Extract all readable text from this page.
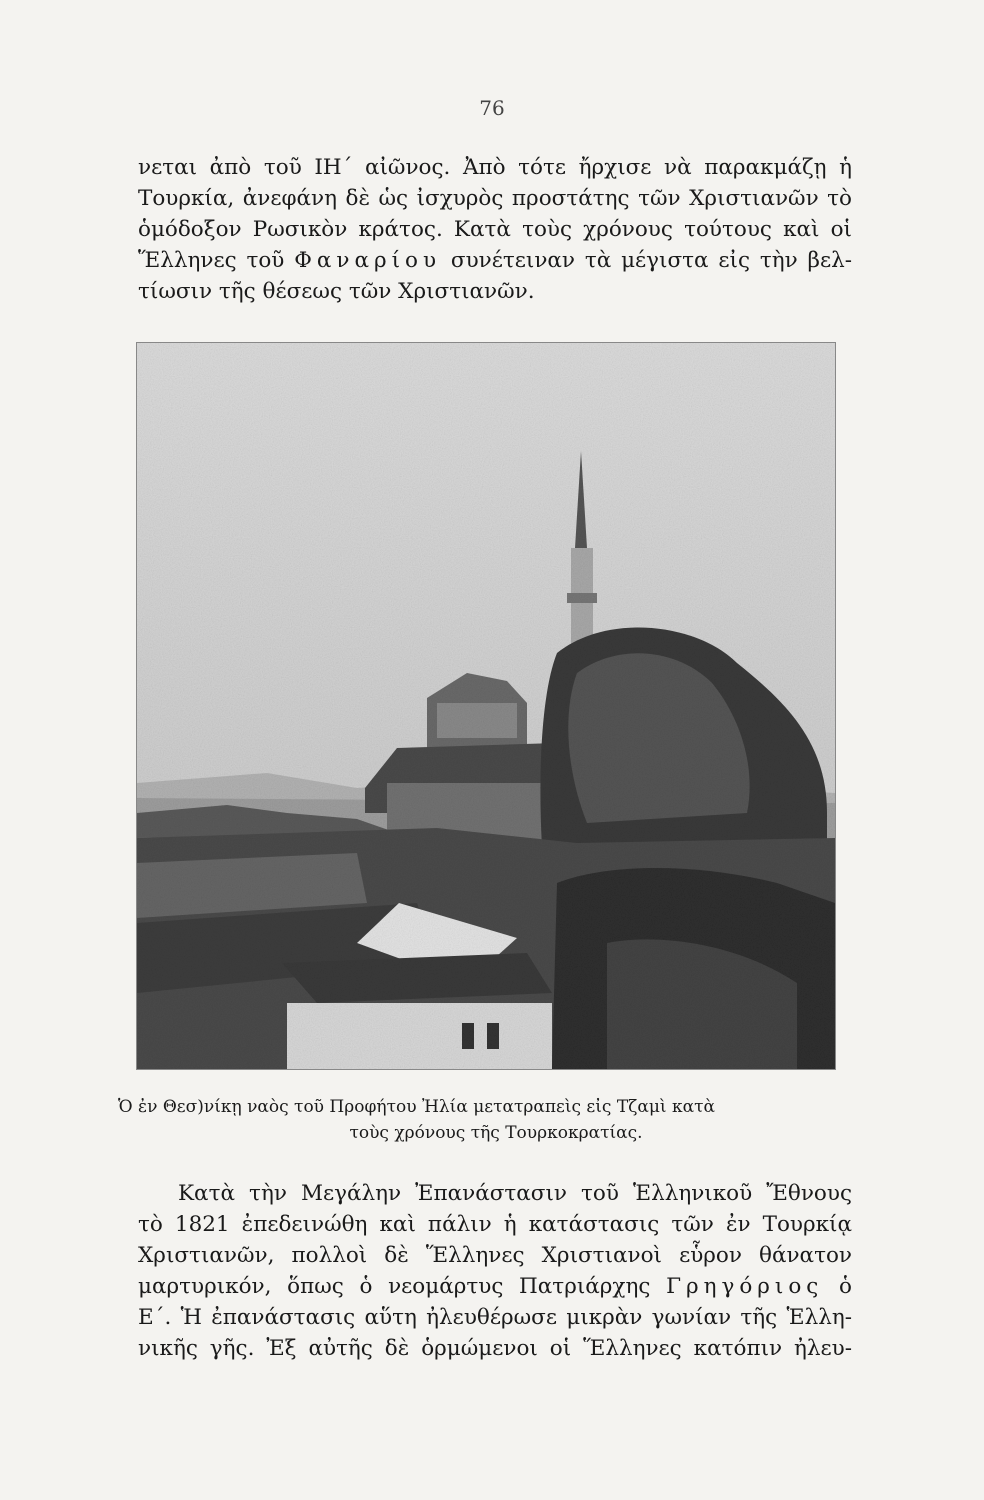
76
νεται ἀπὸ τοῦ ΙΗ΄ αἰῶνος. Ἀπὸ τότε ἤρχισε νὰ παρακμάζῃ ἡ
Τουρκία, ἀνεφάνη δὲ ὡς ἰσχυρὸς προστάτης τῶν Χριστιανῶν τὸ
ὁμόδοξον Ρωσικὸν κράτος. Κατὰ τοὺς χρόνους τούτους καὶ οἱ
Ἕλληνες τοῦ Φαναρίου συνέτειναν τὰ μέγιστα εἰς τὴν βελ-
τίωσιν τῆς θέσεως τῶν Χριστιανῶν.
Ὁ ἐν Θεσ)νίκῃ ναὸς τοῦ Προφήτου Ἠλία μετατραπεὶς εἰς Τζαμὶ κατὰ
τοὺς χρόνους τῆς Τουρκοκρατίας.
Κατὰ τὴν Μεγάλην Ἐπανάστασιν τοῦ Ἑλληνικοῦ Ἔθνους
τὸ 1821 ἐπεδεινώθη καὶ πάλιν ἡ κατάστασις τῶν ἐν Τουρκίᾳ
Χριστιανῶν, πολλοὶ δὲ Ἕλληνες Χριστιανοὶ εὗρον θάνατον
μαρτυρικόν, ὅπως ὁ νεομάρτυς Πατριάρχης Γρηγόριος ὁ
Ε΄. Ἡ ἐπανάστασις αὕτη ἠλευθέρωσε μικρὰν γωνίαν τῆς Ἑλλη-
νικῆς γῆς. Ἐξ αὐτῆς δὲ ὁρμώμενοι οἱ Ἕλληνες κατόπιν ἠλευ-
